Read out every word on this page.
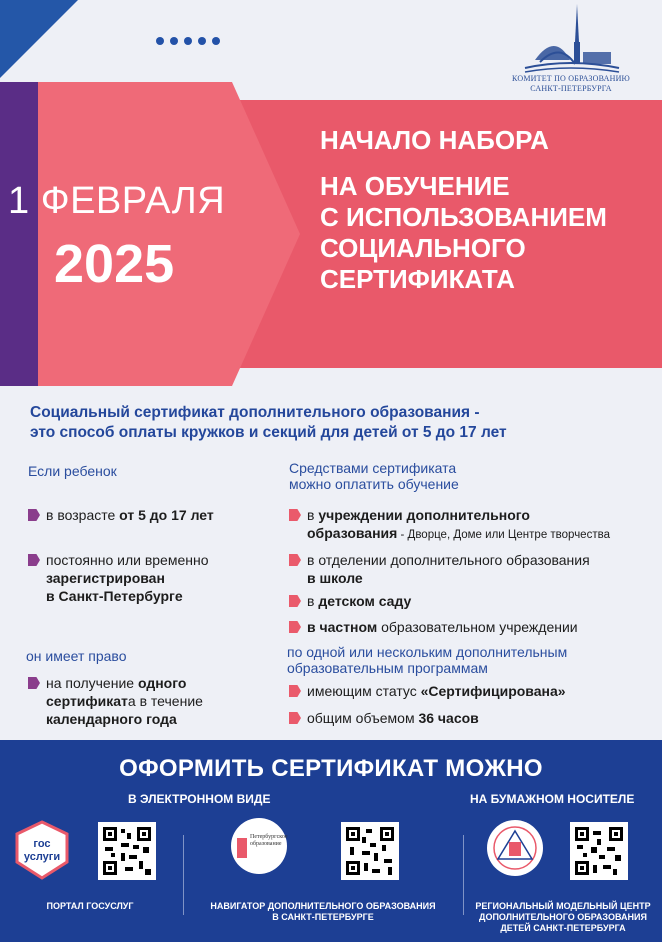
КОМИТЕТ ПО ОБРАЗОВАНИЮ
САНКТ-ПЕТЕРБУРГА
1 ФЕВРАЛЯ
2025
НАЧАЛО НАБОРА
НА ОБУЧЕНИЕ
С ИСПОЛЬЗОВАНИЕМ
СОЦИАЛЬНОГО
СЕРТИФИКАТА
Социальный сертификат дополнительного образования -
это способ оплаты кружков и секций для детей от 5 до 17 лет
Если ребенок
в возрасте от 5 до 17 лет
постоянно или временно
зарегистрирован
в Санкт-Петербурге
он имеет право
на получение одного
сертификата в течение
календарного года
Средствами сертификата
можно оплатить обучение
в учреждении дополнительного
образования - Дворце, Доме или Центре творчества
в отделении дополнительного образования
в школе
в детском саду
в частном образовательном учреждении
по одной или нескольким дополнительным
образовательным программам
имеющим статус «Сертифицирована»
общим объемом 36 часов
ОФОРМИТЬ СЕРТИФИКАТ МОЖНО
В ЭЛЕКТРОННОМ ВИДЕ	НА БУМАЖНОМ НОСИТЕЛЕ
гос
услуги
ПОРТАЛ ГОСУСЛУГ
Петербургское
образование
НАВИГАТОР ДОПОЛНИТЕЛЬНОГО ОБРАЗОВАНИЯ
В САНКТ-ПЕТЕРБУРГЕ
РЕГИОНАЛЬНЫЙ МОДЕЛЬНЫЙ ЦЕНТР
ДОПОЛНИТЕЛЬНОГО ОБРАЗОВАНИЯ
ДЕТЕЙ САНКТ-ПЕТЕРБУРГА
